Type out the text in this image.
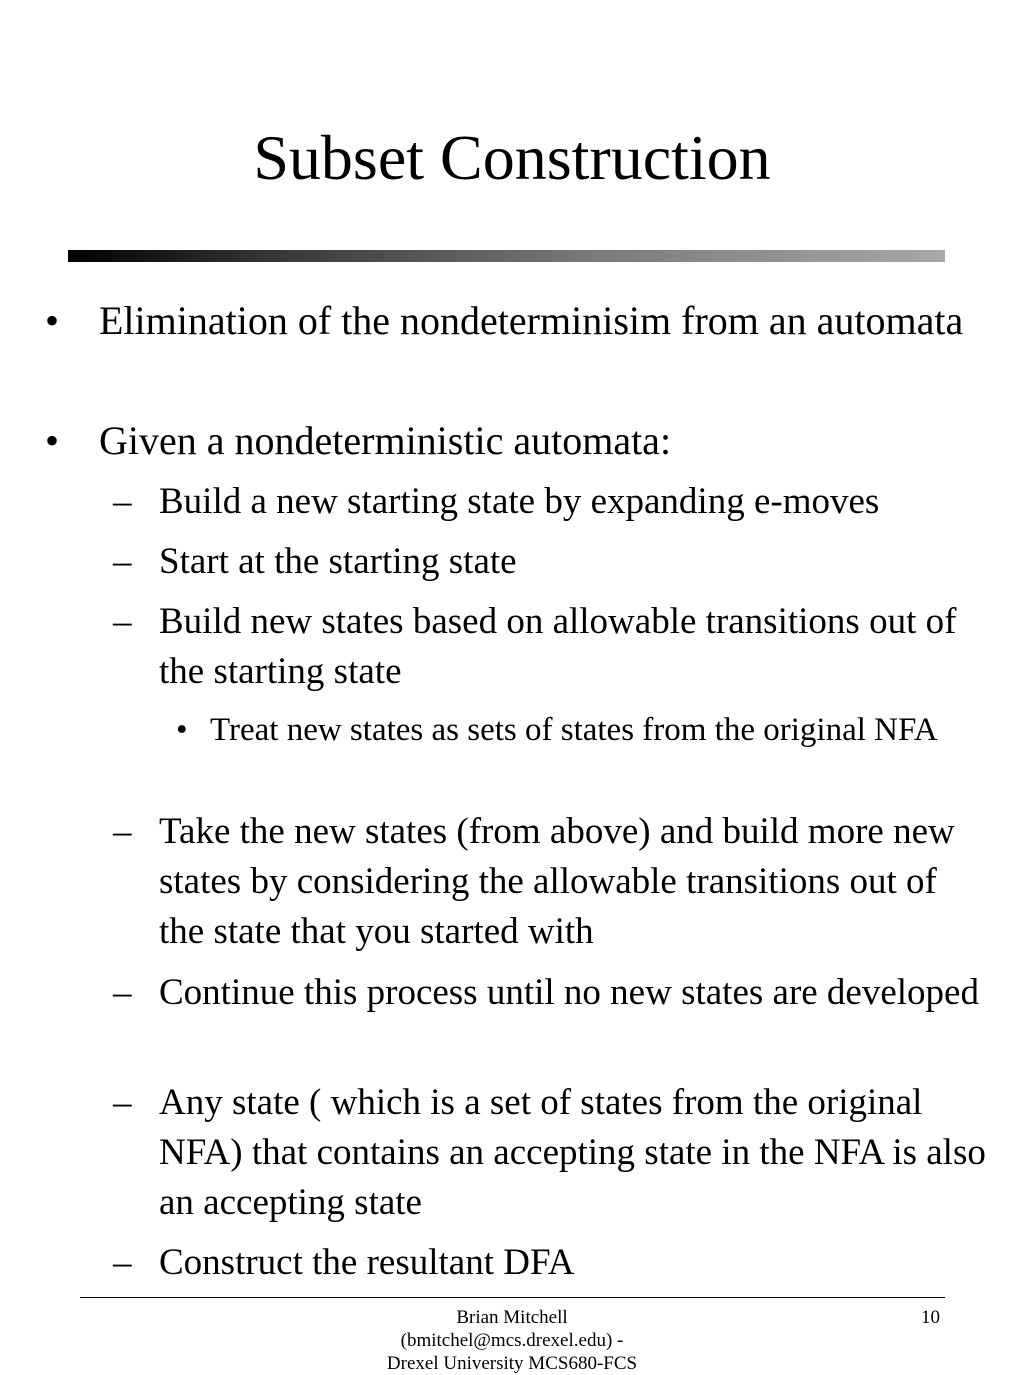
Subset Construction
• Elimination of the nondeterminisim from an automata
• Given a nondeterministic automata:
– Build a new starting state by expanding e-moves
– Start at the starting state
– Build new states based on allowable transitions out of the starting state
• Treat new states as sets of states from the original NFA
– Take the new states (from above) and build more new states by considering the allowable transitions out of the state that you started with
– Continue this process until no new states are developed
– Any state ( which is a set of states from the original NFA) that contains an accepting state in the NFA is also an accepting state
– Construct the resultant DFA
Brian Mitchell
(bmitchel@mcs.drexel.edu) -
Drexel University MCS680-FCS
10
